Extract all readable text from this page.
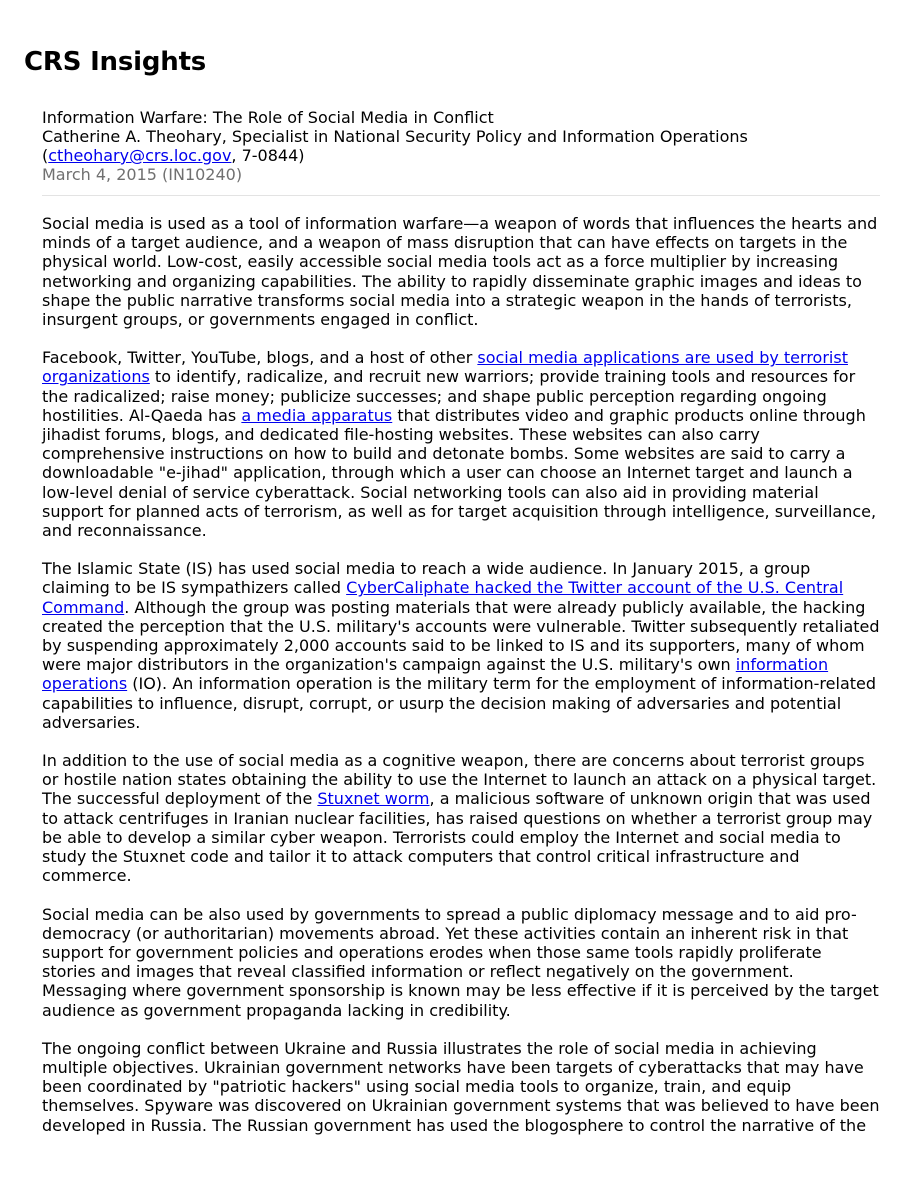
CRS Insights
Information Warfare: The Role of Social Media in Conflict
Catherine A. Theohary, Specialist in National Security Policy and Information Operations
(ctheohary@crs.loc.gov, 7-0844)
March 4, 2015 (IN10240)

Social media is used as a tool of information warfare—a weapon of words that influences the hearts and minds of a target audience, and a weapon of mass disruption that can have effects on targets in the physical world. Low-cost, easily accessible social media tools act as a force multiplier by increasing networking and organizing capabilities. The ability to rapidly disseminate graphic images and ideas to shape the public narrative transforms social media into a strategic weapon in the hands of terrorists, insurgent groups, or governments engaged in conflict.

Facebook, Twitter, YouTube, blogs, and a host of other social media applications are used by terrorist organizations to identify, radicalize, and recruit new warriors; provide training tools and resources for the radicalized; raise money; publicize successes; and shape public perception regarding ongoing hostilities. Al-Qaeda has a media apparatus that distributes video and graphic products online through jihadist forums, blogs, and dedicated file-hosting websites. These websites can also carry comprehensive instructions on how to build and detonate bombs. Some websites are said to carry a downloadable "e-jihad" application, through which a user can choose an Internet target and launch a low-level denial of service cyberattack. Social networking tools can also aid in providing material support for planned acts of terrorism, as well as for target acquisition through intelligence, surveillance, and reconnaissance.

The Islamic State (IS) has used social media to reach a wide audience. In January 2015, a group claiming to be IS sympathizers called CyberCaliphate hacked the Twitter account of the U.S. Central Command. Although the group was posting materials that were already publicly available, the hacking created the perception that the U.S. military's accounts were vulnerable. Twitter subsequently retaliated by suspending approximately 2,000 accounts said to be linked to IS and its supporters, many of whom were major distributors in the organization's campaign against the U.S. military's own information operations (IO). An information operation is the military term for the employment of information-related capabilities to influence, disrupt, corrupt, or usurp the decision making of adversaries and potential adversaries.

In addition to the use of social media as a cognitive weapon, there are concerns about terrorist groups or hostile nation states obtaining the ability to use the Internet to launch an attack on a physical target. The successful deployment of the Stuxnet worm, a malicious software of unknown origin that was used to attack centrifuges in Iranian nuclear facilities, has raised questions on whether a terrorist group may be able to develop a similar cyber weapon. Terrorists could employ the Internet and social media to study the Stuxnet code and tailor it to attack computers that control critical infrastructure and commerce.

Social media can be also used by governments to spread a public diplomacy message and to aid pro-democracy (or authoritarian) movements abroad. Yet these activities contain an inherent risk in that support for government policies and operations erodes when those same tools rapidly proliferate stories and images that reveal classified information or reflect negatively on the government. Messaging where government sponsorship is known may be less effective if it is perceived by the target audience as government propaganda lacking in credibility.

The ongoing conflict between Ukraine and Russia illustrates the role of social media in achieving multiple objectives. Ukrainian government networks have been targets of cyberattacks that may have been coordinated by "patriotic hackers" using social media tools to organize, train, and equip themselves. Spyware was discovered on Ukrainian government systems that was believed to have been developed in Russia. The Russian government has used the blogosphere to control the narrative of the
